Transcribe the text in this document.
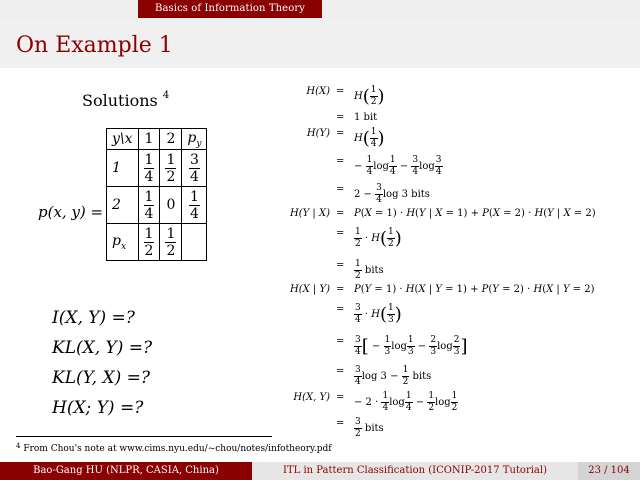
Basics of Information Theory
On Example 1
Solutions $^4$
p(x, y) =
y\x	1	2	$p_y$
1	$\frac{1}{4}$	$\frac{1}{2}$	$\frac{3}{4}$

2	$\frac{1}{4}$	0	$\frac{1}{4}$

$p_x$	$\frac{1}{2}$	$\frac{1}{2}$

I(X, Y) =?
KL(X, Y) =?
KL(Y, X) =?
H(X; Y) =?
$H(X) = H( \frac{1}{2}$ )
= 1 bit
$H(Y) = H( \frac{1}{4}$ )
= − $\frac{1}{4}$ $\log \frac{1}{4} - \frac{3}{4}$ $\log \frac{3}{4}$
= $2 - \frac{3}{4}$ log 3 bits
H(Y | X) = P(X = 1) · H(Y | X = 1) + P(X = 2) · H(Y | X = 2)
= $\frac{1}{2} \cdot H( \frac{1}{2}$ )
= $\frac{1}{2}$ bits
H(X | Y) = P(Y = 1) · H(X | Y = 1) + P(Y = 2) · H(X | Y = 2)
= $\frac{3}{4} \cdot H( \frac{1}{3}$ )
= $\frac{3}{4}$ [ − $\frac{1}{3}$ $\log \frac{1}{3} - \frac{2}{3}$ $\log \frac{2}{3}$ ]
= $\frac{3}{4}$ $\log 3 - \frac{1}{2}$ bits
H(X, Y) = − $2 \cdot \frac{1}{4}$ $\log \frac{1}{4} - \frac{1}{2}$ $\log \frac{1}{2}$
= $\frac{3}{2}$ bits
$^4$ From Chou's note at www.cims.nyu.edu/~chou/notes/infotheory.pdf
Bao-Gang HU (NLPR, CASIA, China)	ITL in Pattern Classification (ICONIP-2017 Tutorial)	23 / 104
